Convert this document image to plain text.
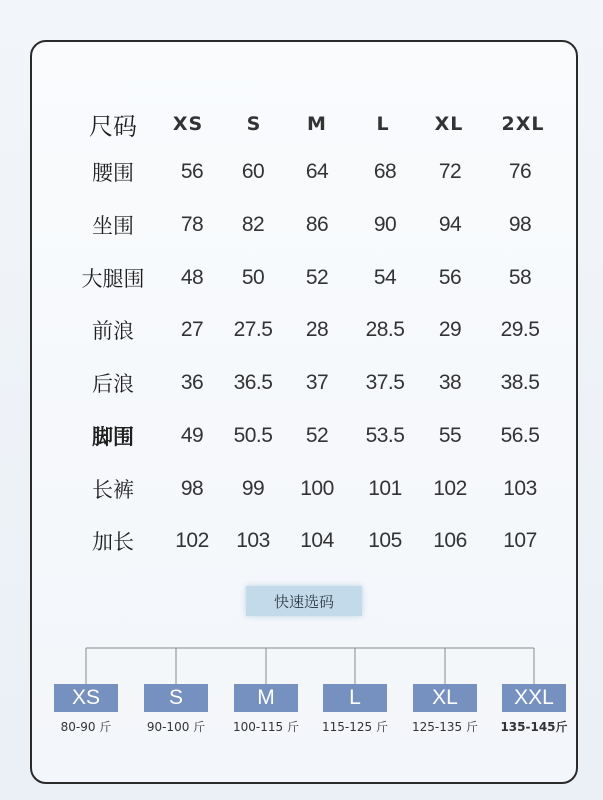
尺码 XS S M	L XL 2XL
腰围 56 60 64 68 72 76
坐围 78 82 86 90 94 98
大腿围 48 50 52 54 56 58
前浪 27 27.5 28 28.5 29 29.5
后浪 36 36.5 37 37.5 38 38.5
脚围 49 50.5 52 53.5 55 56.5
长裤 98 99 100 101 102 103
加长 102 103 104 105 106 107
快速选码
XS	S	M	L	XL	XXL
80-90 斤	90-100 斤	100-115 斤	115-125 斤	125-135 斤	135-145斤
